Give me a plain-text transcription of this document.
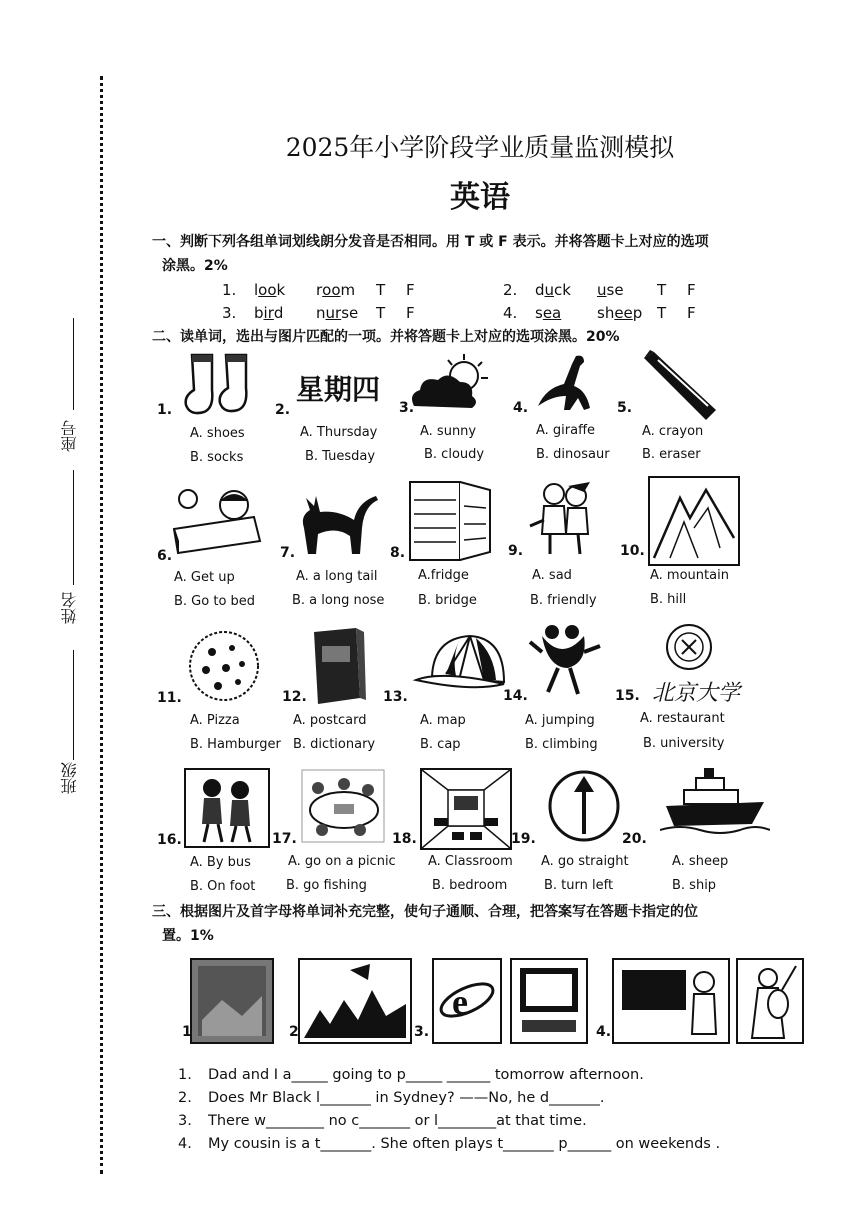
座号
姓名
班级
2025年小学阶段学业质量监测模拟
英语
一、判断下列各组单词划线朗分发音是否相同。用 T 或 F 表示。并将答题卡上对应的选项
涂黑。2%
1. look room T F	2. duck use T F
3. bird nurse T F	4. sea sheep T F
二、读单词，选出与图片匹配的一项。并将答题卡上对应的选项涂黑。20%
星期四
1.	2.	3.	4.	5.
A. shoes
B. socks
A. Thursday
B. Tuesday
A. sunny
B. cloudy
A. giraffe
B. dinosaur
A. crayon
B. eraser
6.	7.	8.	9.	10.
A. Get up
B. Go to bed
A. a long tail
B. a long nose
A.fridge
B. bridge
A. sad
B. friendly
A. mountain
B. hill
北京大学
11.	12.	13.	14.	15.
A. Pizza
B. Hamburger
A. postcard
B. dictionary
A. map
B. cap
A. jumping
B. climbing
A. restaurant
B. university
16.	17.	18.	19.	20.
A. By bus
B. On foot
A. go on a picnic
B. go fishing
A. Classroom
B. bedroom
A. go straight
B. turn left
A. sheep
B. ship
三、根据图片及首字母将单词补充完整，使句子通顺、合理，把答案写在答题卡指定的位
置。1%
e
1	2	3.	4.
1. Dad and I a_____ going to p_____ ______ tomorrow afternoon.
2. Does Mr Black l_______ in Sydney? ——No, he d_______.
3. There w________ no c_______ or l________at that time.
4. My cousin is a t_______. She often plays t_______ p______ on weekends .
